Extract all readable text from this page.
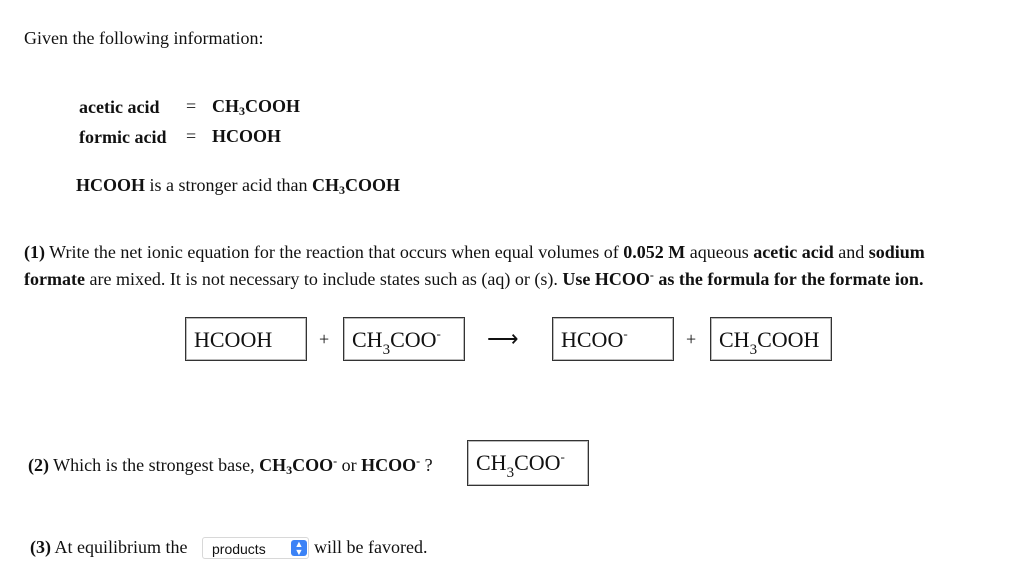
Given the following information:
acetic acid = $CH_3COOH$
formic acid = HCOOH
HCOOH is a stronger acid than $CH_3COOH$
(1) Write the net ionic equation for the reaction that occurs when equal volumes of 0.052 M aqueous acetic acid and sodium
formate are mixed. It is not necessary to include states such as (aq) or (s). Use HCOO- as the formula for the formate ion.
HCOOH	+	$CH_3COO^-$	⟶	HCOO-	+	$CH_3COOH$
(2) Which is the strongest base, $CH_3COO^-$ or HCOO- ?	$CH_3COO^-$
(3) At equilibrium the	products	▲
▼ will be favored.
